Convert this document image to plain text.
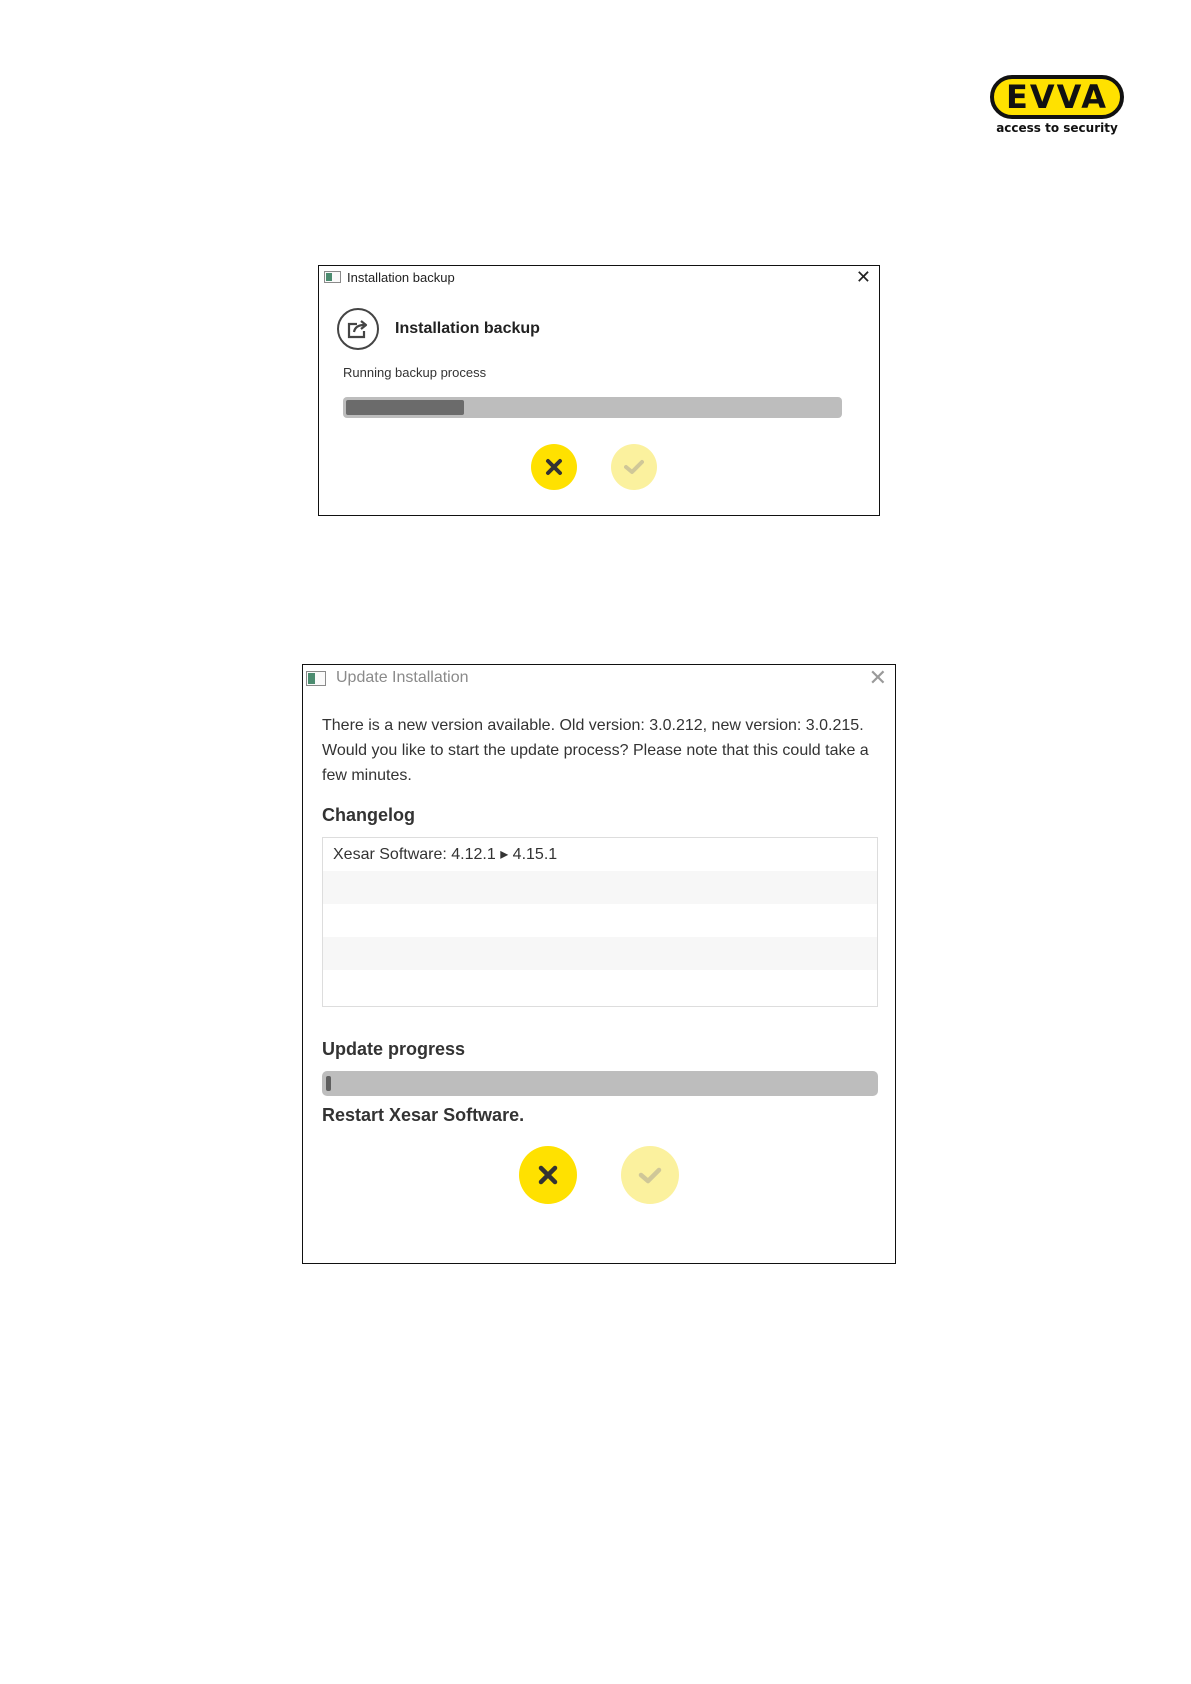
EVVA
access to security
Installation backup	✕
Installation backup
Running backup process
Update Installation	✕
There is a new version available. Old version: 3.0.212, new version: 3.0.215. Would you like to start the update process? Please note that this could take a few minutes.
Changelog
Xesar Software: 4.12.1 ▸ 4.15.1
Update progress
Restart Xesar Software.
